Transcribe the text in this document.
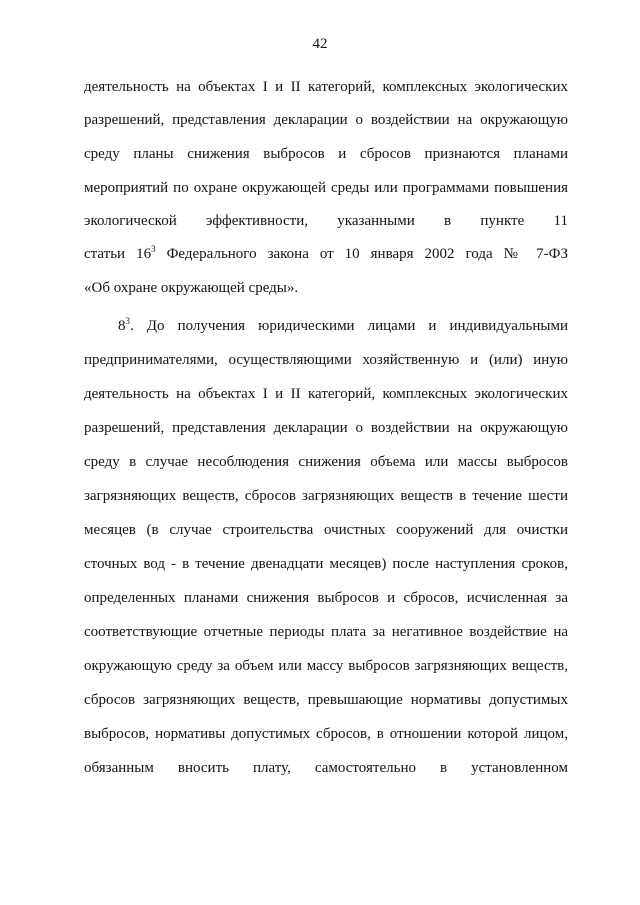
42
деятельность на объектах I и II категорий, комплексных экологических
разрешений, представления декларации о воздействии на окружающую
среду планы снижения выбросов и сбросов признаются планами
мероприятий по охране окружающей среды или программами повышения
экологической эффективности, указанными в пункте 11
статьи $16^3$ Федерального закона от 10 января 2002 года № 7-ФЗ
«Об охране окружающей среды».
$8^3$. До получения юридическими лицами и индивидуальными
предпринимателями, осуществляющими хозяйственную и (или) иную
деятельность на объектах I и II категорий, комплексных экологических
разрешений, представления декларации о воздействии на окружающую
среду в случае несоблюдения снижения объема или массы выбросов
загрязняющих веществ, сбросов загрязняющих веществ в течение шести
месяцев (в случае строительства очистных сооружений для очистки
сточных вод - в течение двенадцати месяцев) после наступления сроков,
определенных планами снижения выбросов и сбросов, исчисленная за
соответствующие отчетные периоды плата за негативное воздействие на
окружающую среду за объем или массу выбросов загрязняющих веществ,
сбросов загрязняющих веществ, превышающие нормативы допустимых
выбросов, нормативы допустимых сбросов, в отношении которой лицом,
обязанным вносить плату, самостоятельно в установленном
